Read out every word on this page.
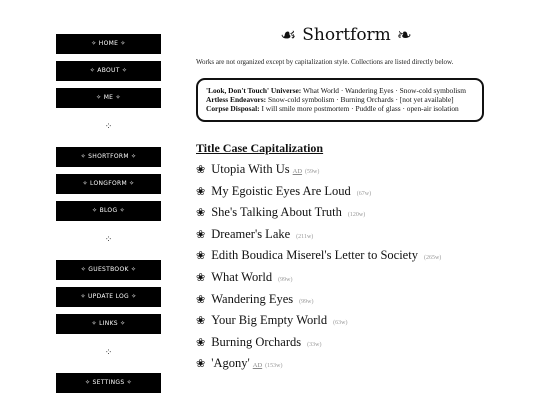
✧ HOME ✧
✧ ABOUT ✧
✧ ME ✧
⁘
✧ SHORTFORM ✧
✧ LONGFORM ✧
✧ BLOG ✧
⁘
✧ GUESTBOOK ✧
✧ UPDATE LOG ✧
✧ LINKS ✧
⁘
✧ SETTINGS ✧
☙ Shortform ❧
Works are not organized except by capitalization style. Collections are listed directly below.

'Look, Don't Touch' Universe: What World · Wandering Eyes · Snow-cold symbolism

Artless Endeavors: Snow-cold symbolism · Burning Orchards · [not yet available]

Corpse Disposal: I will smile more postmortem · Puddle of glass · open-air isolation

Title Case Capitalization
❀ Utopia With Us AD (59w)
❀ My Egoistic Eyes Are Loud (67w)
❀ She's Talking About Truth (120w)
❀ Dreamer's Lake (211w)
❀ Edith Boudica Miserel's Letter to Society (265w)
❀ What World (99w)
❀ Wandering Eyes (99w)
❀ Your Big Empty World (63w)
❀ Burning Orchards (33w)
❀ 'Agony' AD (153w)
